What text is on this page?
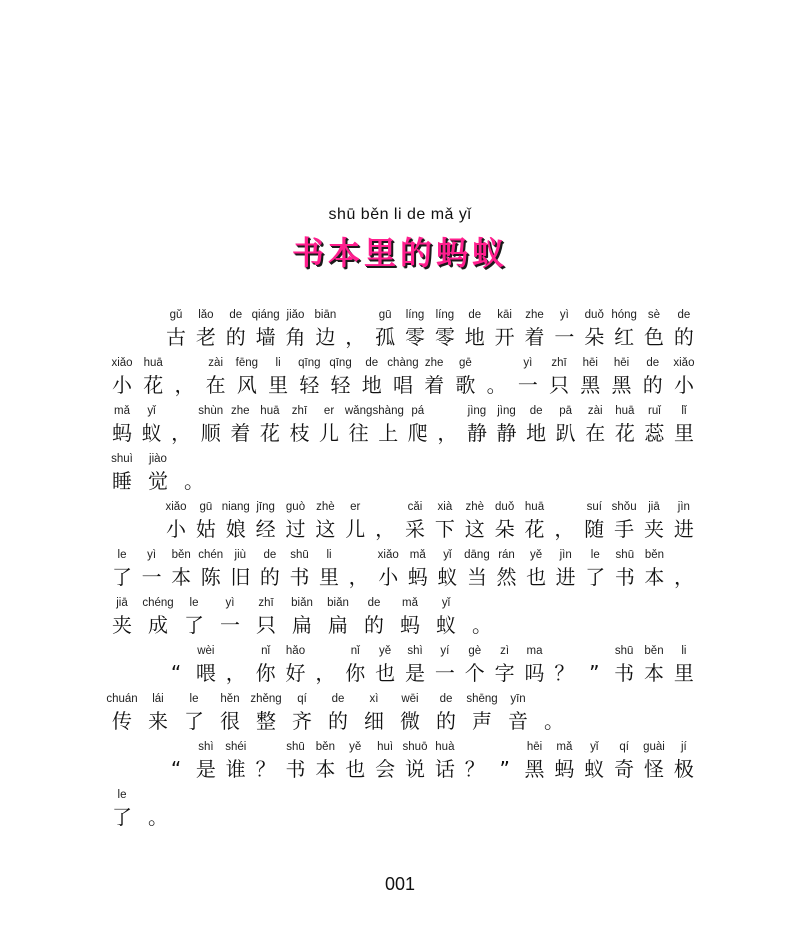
shū běn li de mǎ yǐ
书本里的蚂蚁
gǔ
古
lǎo
老
de
的
qiáng
墙
jiǎo
角
biān
边 ，
gū
孤
líng
零
líng
零
de
地
kāi
开
zhe
着
yì
一
duǒ
朵
hóng
红
sè
色
de
的
xiǎo
小
huā
花 ，
zài
在
fēng
风
li
里
qīng
轻
qīng
轻
de
地
chàng
唱
zhe
着
gē
歌 。
yì
一
zhī
只
hēi
黑
hēi
黑
de
的
xiǎo
小
mǎ
蚂
yǐ
蚁 ，
shùn
顺
zhe
着
huā
花
zhī
枝
er
儿
wǎng
往
shàng
上
pá
爬 ，
jìng
静
jìng
静
de
地
pā
趴
zài
在
huā
花
ruǐ
蕊
lǐ
里
shuì
睡
jiào
觉 。
xiǎo
小
gū
姑
niang
娘
jīng
经
guò
过
zhè
这
er
儿 ，
cǎi
采
xià
下
zhè
这
duǒ
朵
huā
花 ，
suí
随
shǒu
手
jiā
夹
jìn
进
le
了
yì
一
běn
本
chén
陈
jiù
旧
de
的
shū
书
li
里 ，
xiǎo
小
mǎ
蚂
yǐ
蚁
dāng
当
rán
然
yě
也
jìn
进
le
了
shū
书
běn
本 ，
jiā
夹
chéng
成
le
了
yì
一
zhī
只
biǎn
扁
biǎn
扁
de
的
mǎ
蚂
yǐ
蚁 。
“
wèi
喂 ，
nǐ
你
hǎo
好 ，
nǐ
你
yě
也
shì
是
yí
一
gè
个
zì
字
ma
吗 ？ ”
shū
书
běn
本
li
里
chuán
传
lái
来
le
了
hěn
很
zhěng
整
qí
齐
de
的
xì
细
wēi
微
de
的
shēng
声
yīn
音 。
“
shì
是
shéi
谁 ？
shū
书
běn
本
yě
也
huì
会
shuō
说
huà
话 ？ ”
hēi
黑
mǎ
蚂
yǐ
蚁
qí
奇
guài
怪
jí
极
le
了 。
001
